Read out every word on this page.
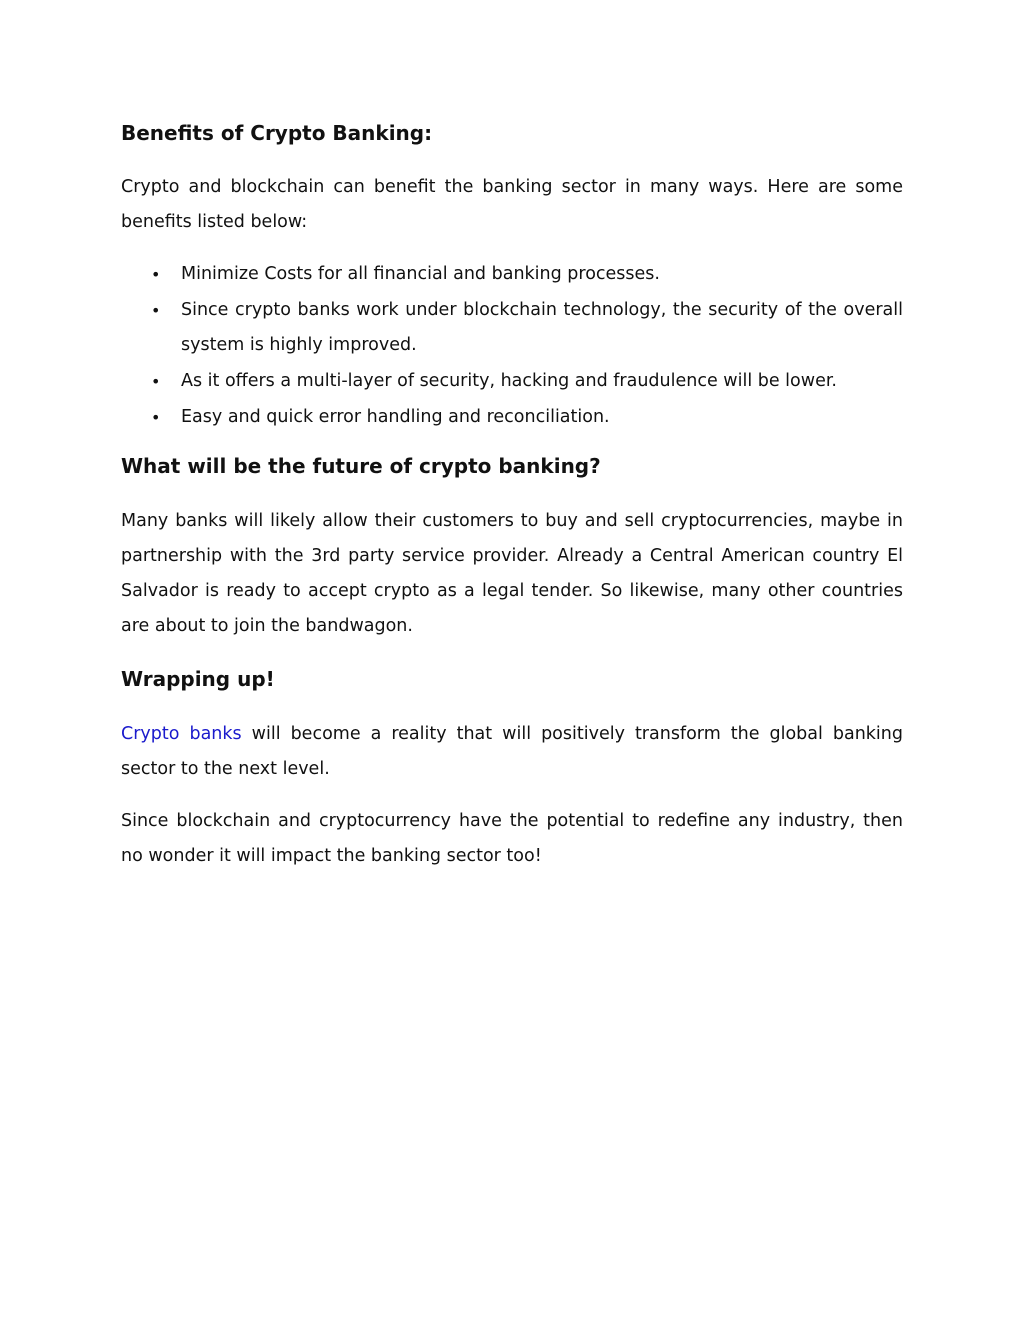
Benefits of Crypto Banking:

Crypto and blockchain can benefit the banking sector in many ways. Here are some benefits listed below:

• Minimize Costs for all financial and banking processes.
• Since crypto banks work under blockchain technology, the security of the overall system is highly improved.
• As it offers a multi-layer of security, hacking and fraudulence will be lower.
• Easy and quick error handling and reconciliation.
What will be the future of crypto banking?

Many banks will likely allow their customers to buy and sell cryptocurrencies, maybe in partnership with the 3rd party service provider. Already a Central American country El Salvador is ready to accept crypto as a legal tender. So likewise, many other countries are about to join the bandwagon.

Wrapping up!

Crypto banks will become a reality that will positively transform the global banking sector to the next level.

Since blockchain and cryptocurrency have the potential to redefine any industry, then no wonder it will impact the banking sector too!
